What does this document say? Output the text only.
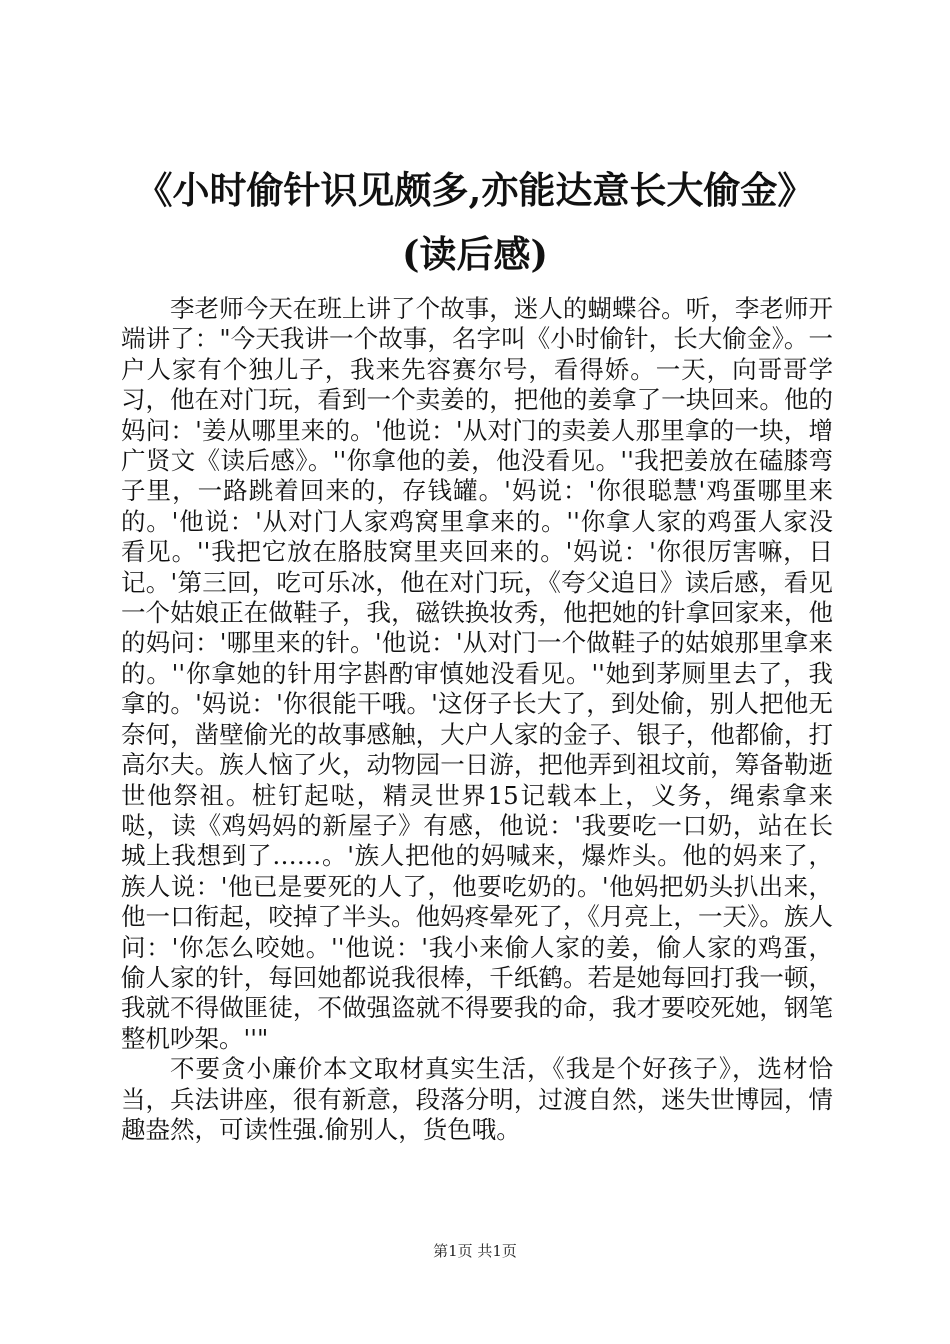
《小时偷针识见颇多,亦能达意长大偷金》(读后感)

李老师今天在班上讲了个故事，迷人的蝴蝶谷。听，李老师开端讲了："今天我讲一个故事，名字叫《小时偷针，长大偷金》。一户人家有个独儿子，我来先容赛尔号，看得娇。一天，向哥哥学习，他在对门玩，看到一个卖姜的，把他的姜拿了一块回来。他的妈问：'姜从哪里来的。'他说：'从对门的卖姜人那里拿的一块，增广贤文《读后感》。''你拿他的姜，他没看见。''我把姜放在磕膝弯子里，一路跳着回来的，存钱罐。'妈说：'你很聪慧'鸡蛋哪里来的。'他说：'从对门人家鸡窝里拿来的。''你拿人家的鸡蛋人家没看见。''我把它放在胳肢窝里夹回来的。'妈说：'你很厉害嘛，日记。'第三回，吃可乐冰，他在对门玩，《夸父追日》读后感，看见一个姑娘正在做鞋子，我，磁铁换妆秀，他把她的针拿回家来，他的妈问：'哪里来的针。'他说：'从对门一个做鞋子的姑娘那里拿来的。''你拿她的针用字斟酌审慎她没看见。''她到茅厕里去了，我拿的。'妈说：'你很能干哦。'这伢子长大了，到处偷，别人把他无奈何，凿壁偷光的故事感触，大户人家的金子、银子，他都偷，打高尔夫。族人恼了火，动物园一日游，把他弄到祖坟前，筹备勒逝世他祭祖。桩钉起哒，精灵世界15记载本上，义务，绳索拿来哒，读《鸡妈妈的新屋子》有感，他说：'我要吃一口奶，站在长城上我想到了……。'族人把他的妈喊来，爆炸头。他的妈来了，族人说：'他已是要死的人了，他要吃奶的。'他妈把奶头扒出来，他一口衔起，咬掉了半头。他妈疼晕死了，《月亮上，一天》。族人问：'你怎么咬她。''他说：'我小来偷人家的姜，偷人家的鸡蛋，偷人家的针，每回她都说我很棒，千纸鹤。若是她每回打我一顿，我就不得做匪徒，不做强盗就不得要我的命，我才要咬死她，钢笔整机吵架。''"

不要贪小廉价本文取材真实生活，《我是个好孩子》，选材恰当，兵法讲座，很有新意，段落分明，过渡自然，迷失世博园，情趣盎然，可读性强.偷别人，货色哦。

第1页 共1页
